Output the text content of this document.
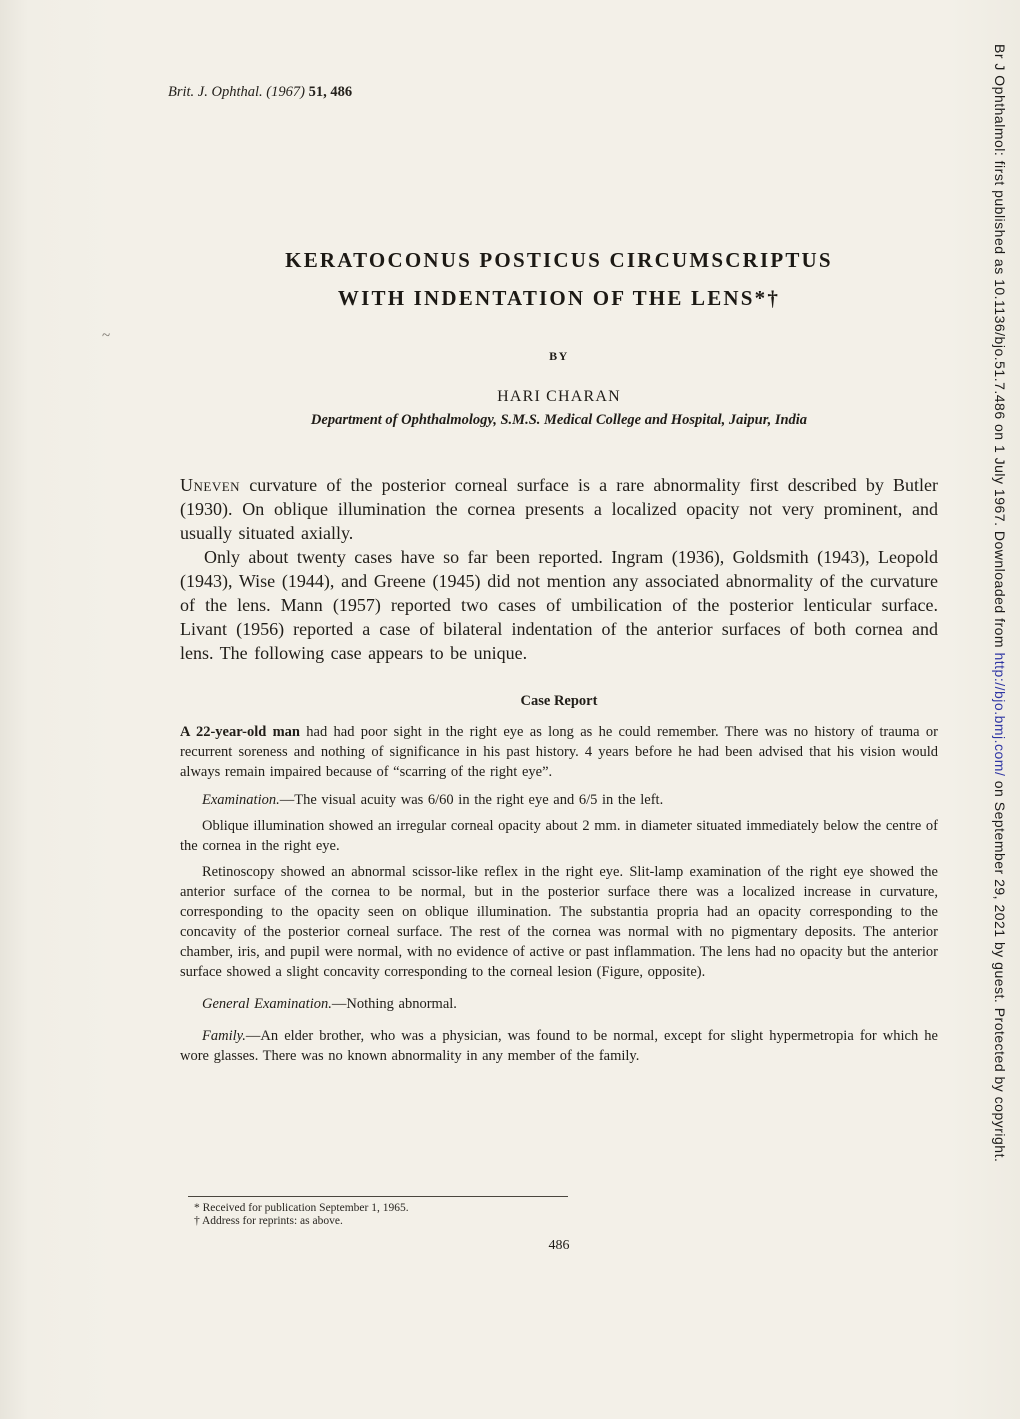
~	Br J Ophthalmol: first published as 10.1136/bjo.51.7.486 on 1 July 1967. Downloaded from http://bjo.bmj.com/ on September 29, 2021 by guest. Protected by copyright.
Brit. J. Ophthal. (1967) 51, 486
KERATOCONUS POSTICUS CIRCUMSCRIPTUS
WITH INDENTATION OF THE LENS*†
BY
HARI CHARAN
Department of Ophthalmology, S.M.S. Medical College and Hospital, Jaipur, India

Uneven curvature of the posterior corneal surface is a rare abnormality first described by Butler (1930). On oblique illumination the cornea presents a localized opacity not very prominent, and usually situated axially.

Only about twenty cases have so far been reported. Ingram (1936), Goldsmith (1943), Leopold (1943), Wise (1944), and Greene (1945) did not mention any associated abnormality of the curvature of the lens. Mann (1957) reported two cases of umbilication of the posterior lenticular surface. Livant (1956) reported a case of bilateral indentation of the anterior surfaces of both cornea and lens. The following case appears to be unique.

Case Report

A 22-year-old man had had poor sight in the right eye as long as he could remember. There was no history of trauma or recurrent soreness and nothing of significance in his past history. 4 years before he had been advised that his vision would always remain impaired because of “scarring of the right eye”.

Examination.—The visual acuity was 6/60 in the right eye and 6/5 in the left.

Oblique illumination showed an irregular corneal opacity about 2 mm. in diameter situated immediately below the centre of the cornea in the right eye.

Retinoscopy showed an abnormal scissor-like reflex in the right eye. Slit-lamp examination of the right eye showed the anterior surface of the cornea to be normal, but in the posterior surface there was a localized increase in curvature, corresponding to the opacity seen on oblique illumination. The substantia propria had an opacity corresponding to the concavity of the posterior corneal surface. The rest of the cornea was normal with no pigmentary deposits. The anterior chamber, iris, and pupil were normal, with no evidence of active or past inflammation. The lens had no opacity but the anterior surface showed a slight concavity corresponding to the corneal lesion (Figure, opposite).

General Examination.—Nothing abnormal.

Family.—An elder brother, who was a physician, was found to be normal, except for slight hypermetropia for which he wore glasses. There was no known abnormality in any member of the family.

* Received for publication September 1, 1965.
† Address for reprints: as above.
486
